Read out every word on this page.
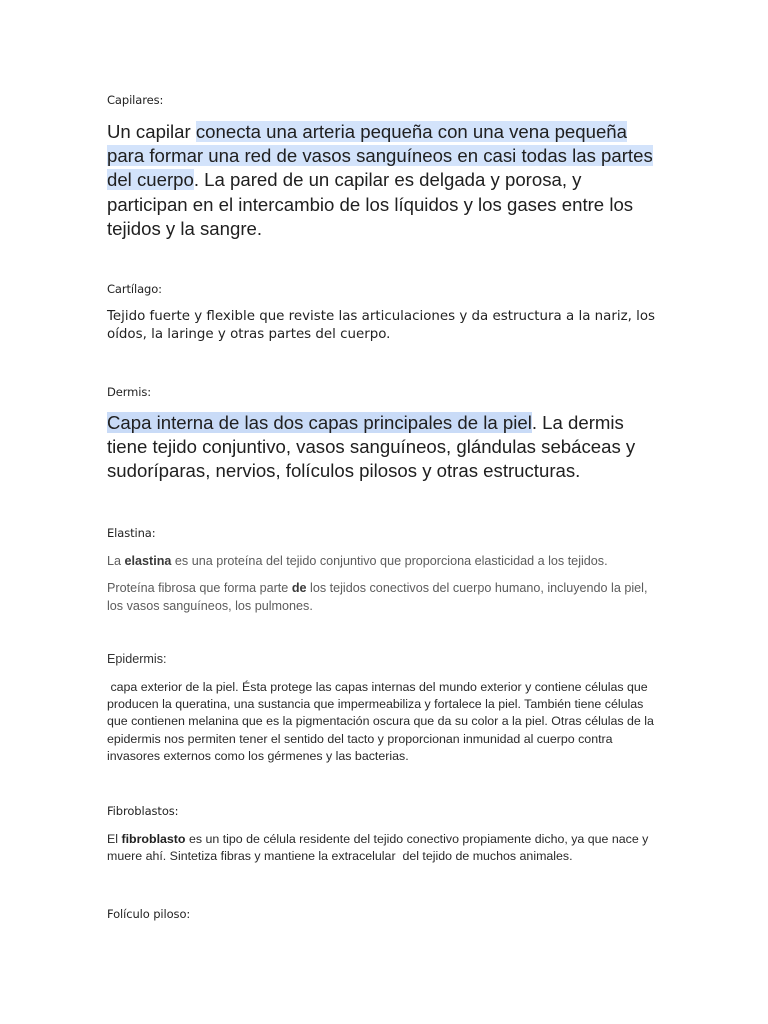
Capilares:

Un capilar conecta una arteria pequeña con una vena pequeña para formar una red de vasos sanguíneos en casi todas las partes del cuerpo. La pared de un capilar es delgada y porosa, y participan en el intercambio de los líquidos y los gases entre los tejidos y la sangre.

Cartílago:

Tejido fuerte y flexible que reviste las articulaciones y da estructura a la nariz, los oídos, la laringe y otras partes del cuerpo.

Dermis:

Capa interna de las dos capas principales de la piel. La dermis tiene tejido conjuntivo, vasos sanguíneos, glándulas sebáceas y sudoríparas, nervios, folículos pilosos y otras estructuras.

Elastina:

La elastina es una proteína del tejido conjuntivo que proporciona elasticidad a los tejidos.

Proteína fibrosa que forma parte de los tejidos conectivos del cuerpo humano, incluyendo la piel, los vasos sanguíneos, los pulmones.

Epidermis:

capa exterior de la piel. Ésta protege las capas internas del mundo exterior y contiene células que producen la queratina, una sustancia que impermeabiliza y fortalece la piel. También tiene células que contienen melanina que es la pigmentación oscura que da su color a la piel. Otras células de la epidermis nos permiten tener el sentido del tacto y proporcionan inmunidad al cuerpo contra invasores externos como los gérmenes y las bacterias.

Fibroblastos:

El fibroblasto es un tipo de célula residente del tejido conectivo propiamente dicho, ya que nace y muere ahí. Sintetiza fibras y mantiene la extracelular  del tejido de muchos animales.

Folículo piloso:
